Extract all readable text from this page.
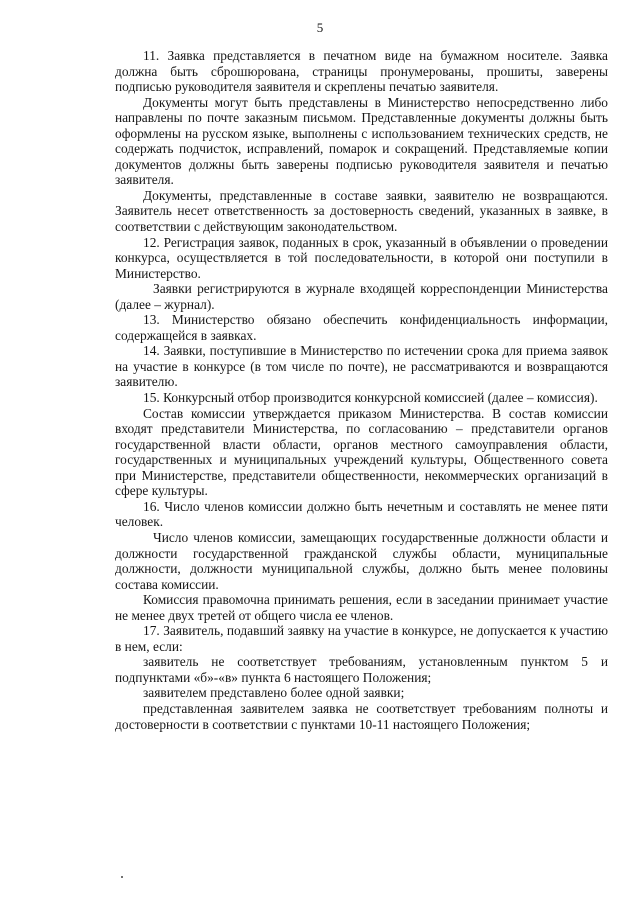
5

11. Заявка представляется в печатном виде на бумажном носителе. Заявка должна быть сброшюрована, страницы пронумерованы, прошиты, заверены подписью руководителя заявителя и скреплены печатью заявителя.

Документы могут быть представлены в Министерство непосредственно либо направлены по почте заказным письмом. Представленные документы должны быть оформлены на русском языке, выполнены с использованием технических средств, не содержать подчисток, исправлений, помарок и сокращений. Представляемые копии документов должны быть заверены подписью руководителя заявителя и печатью заявителя.

Документы, представленные в составе заявки, заявителю не возвращаются. Заявитель несет ответственность за достоверность сведений, указанных в заявке, в соответствии с действующим законодательством.

12. Регистрация заявок, поданных в срок, указанный в объявлении о проведении конкурса, осуществляется в той последовательности, в которой они поступили в Министерство.

Заявки регистрируются в журнале входящей корреспонденции Министерства (далее – журнал).

13. Министерство обязано обеспечить конфиденциальность информации, содержащейся в заявках.

14. Заявки, поступившие в Министерство по истечении срока для приема заявок на участие в конкурсе (в том числе по почте), не рассматриваются и возвращаются заявителю.

15. Конкурсный отбор производится конкурсной комиссией (далее – комиссия).

Состав комиссии утверждается приказом Министерства. В состав комиссии входят представители Министерства, по согласованию – представители органов государственной власти области, органов местного самоуправления области, государственных и муниципальных учреждений культуры, Общественного совета при Министерстве, представители общественности, некоммерческих организаций в сфере культуры.

16. Число членов комиссии должно быть нечетным и составлять не менее пяти человек.

Число членов комиссии, замещающих государственные должности области и должности государственной гражданской службы области, муниципальные должности, должности муниципальной службы, должно быть менее половины состава комиссии.

Комиссия правомочна принимать решения, если в заседании принимает участие не менее двух третей от общего числа ее членов.

17. Заявитель, подавший заявку на участие в конкурсе, не допускается к участию в нем, если:

заявитель не соответствует требованиям, установленным пунктом 5 и подпунктами «б»-«в» пункта 6 настоящего Положения;

заявителем представлено более одной заявки;

представленная заявителем заявка не соответствует требованиям полноты и достоверности в соответствии с пунктами 10-11 настоящего Положения;
